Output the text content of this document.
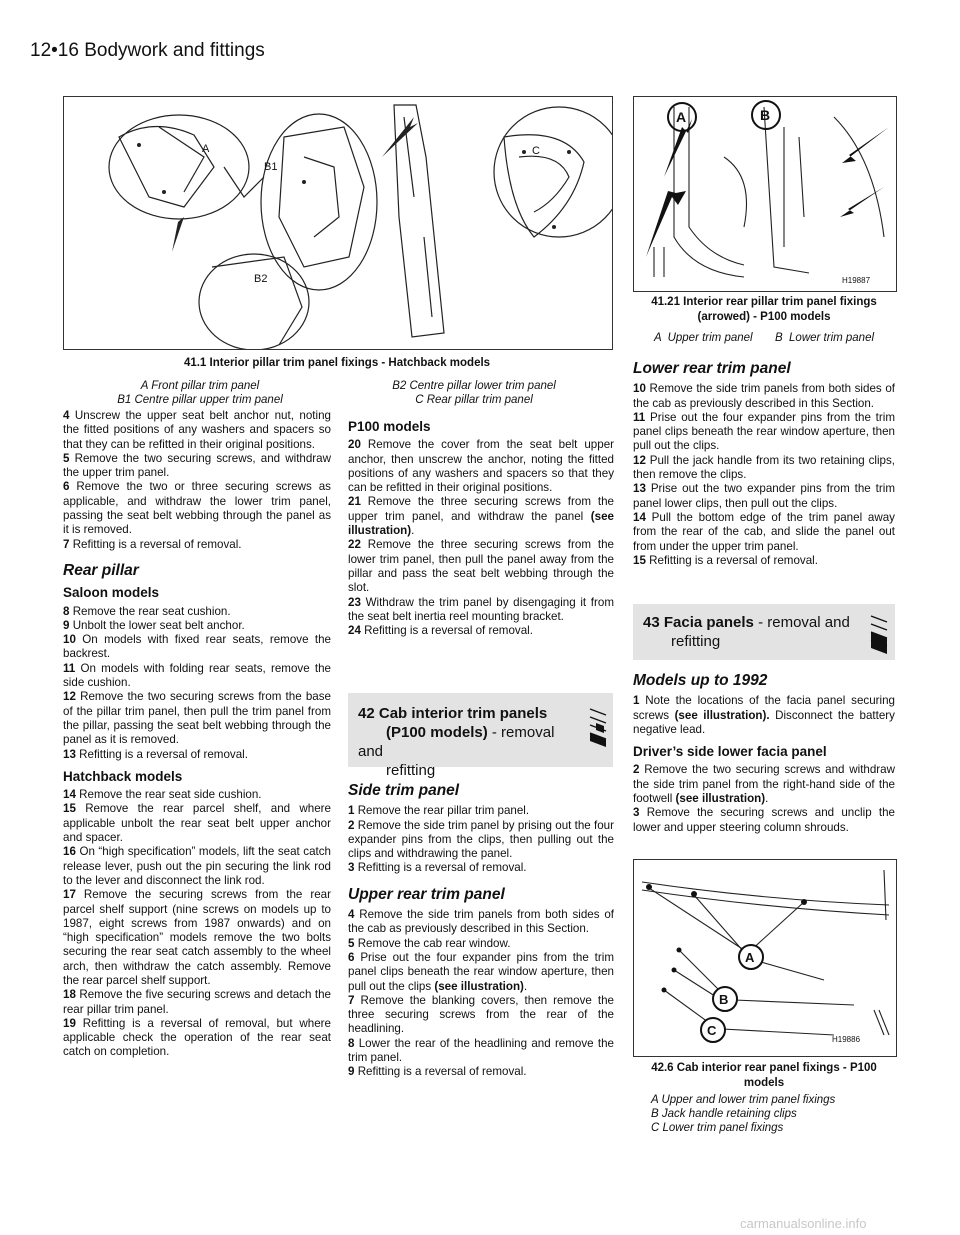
12•16 Bodywork and fittings
A
B1
B2
C
41.1 Interior pillar trim panel fixings - Hatchback models
A Front pillar trim panel
B1 Centre pillar upper trim panel
B2 Centre pillar lower trim panel
C Rear pillar trim panel
A	B
H19887
41.21 Interior rear pillar trim panel fixings (arrowed) - P100 models
A  Upper trim panel       B  Lower trim panel

4 Unscrew the upper seat belt anchor nut, noting the fitted positions of any washers and spacers so that they can be refitted in their original positions.

5 Remove the two securing screws, and withdraw the upper trim panel.

6 Remove the two or three securing screws as applicable, and withdraw the lower trim panel, passing the seat belt webbing through the panel as it is removed.

7 Refitting is a reversal of removal.

Rear pillar
Saloon models

8 Remove the rear seat cushion.

9 Unbolt the lower seat belt anchor.

10 On models with fixed rear seats, remove the backrest.

11 On models with folding rear seats, remove the side cushion.

12 Remove the two securing screws from the base of the pillar trim panel, then pull the trim panel from the pillar, passing the seat belt webbing through the panel as it is removed.

13 Refitting is a reversal of removal.

Hatchback models

14 Remove the rear seat side cushion.

15 Remove the rear parcel shelf, and where applicable unbolt the rear seat belt upper anchor and spacer.

16 On “high specification” models, lift the seat catch release lever, push out the pin securing the link rod to the lever and disconnect the link rod.

17 Remove the securing screws from the rear parcel shelf support (nine screws on models up to 1987, eight screws from 1987 onwards) and on “high specification” models remove the two bolts securing the rear seat catch assembly to the wheel arch, then withdraw the catch assembly. Remove the rear parcel shelf support.

18 Remove the five securing screws and detach the rear pillar trim panel.

19 Refitting is a reversal of removal, but where applicable check the operation of the rear seat catch on completion.

P100 models

20 Remove the cover from the seat belt upper anchor, then unscrew the anchor, noting the fitted positions of any washers and spacers so that they can be refitted in their original positions.

21 Remove the three securing screws from the upper trim panel, and withdraw the panel (see illustration).

22 Remove the three securing screws from the lower trim panel, then pull the panel away from the pillar and pass the seat belt webbing through the slot.

23 Withdraw the trim panel by disengaging it from the seat belt inertia reel mounting bracket.

24 Refitting is a reversal of removal.

42 Cab interior trim panels
(P100 models) - removal and
refitting
Side trim panel

1 Remove the rear pillar trim panel.

2 Remove the side trim panel by prising out the four expander pins from the clips, then pulling out the clips and withdrawing the panel.

3 Refitting is a reversal of removal.

Upper rear trim panel

4 Remove the side trim panels from both sides of the cab as previously described in this Section.

5 Remove the cab rear window.

6 Prise out the four expander pins from the trim panel clips beneath the rear window aperture, then pull out the clips (see illustration).

7 Remove the blanking covers, then remove the three securing screws from the rear of the headlining.

8 Lower the rear of the headlining and remove the trim panel.

9 Refitting is a reversal of removal.

Lower rear trim panel

10 Remove the side trim panels from both sides of the cab as previously described in this Section.

11 Prise out the four expander pins from the trim panel clips beneath the rear window aperture, then pull out the clips.

12 Pull the jack handle from its two retaining clips, then remove the clips.

13 Prise out the two expander pins from the trim panel lower clips, then pull out the clips.

14 Pull the bottom edge of the trim panel away from the rear of the cab, and slide the panel out from under the upper trim panel.

15 Refitting is a reversal of removal.

43 Facia panels - removal and
refitting
Models up to 1992

1 Note the locations of the facia panel securing screws (see illustration). Disconnect the battery negative lead.

Driver’s side lower facia panel

2 Remove the two securing screws and withdraw the side trim panel from the right-hand side of the footwell (see illustration).

3 Remove the securing screws and unclip the lower and upper steering column shrouds.

A
B
C
H19886
42.6 Cab interior rear panel fixings - P100 models
A Upper and lower trim panel fixings
B Jack handle retaining clips
C Lower trim panel fixings
carmanualsonline.info
